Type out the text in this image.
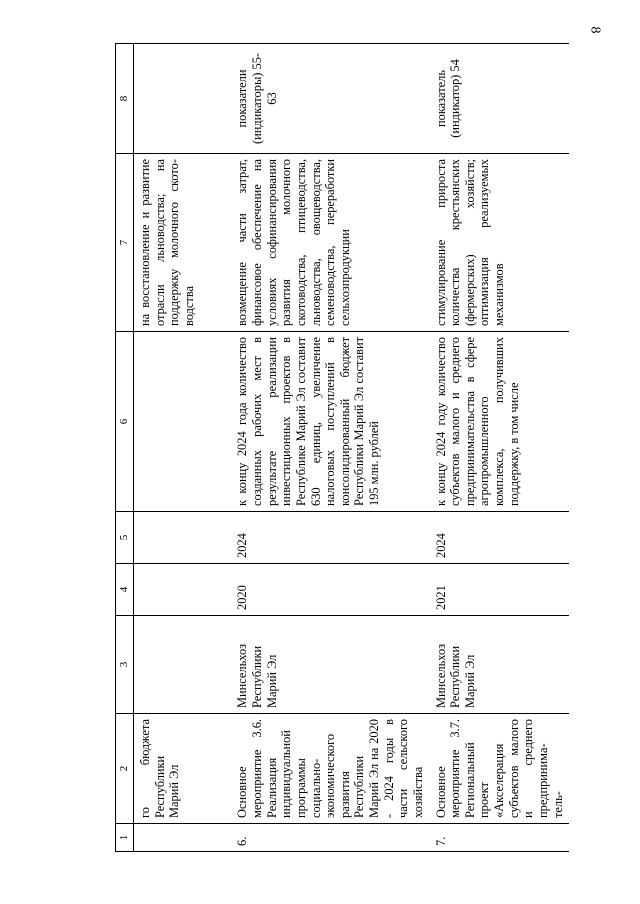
8
1	2	3	4	5	6	7	8
	го бюджета Республики Марий Эл					на восстановление и развитие отрасли льноводства; на поддержку молочного ското-водства	
6.	Основное мероприятие 3.6. Реализация индивидуальной программы социально-экономического развития Республики Марий Эл на 2020 - 2024 годы в части сельского хозяйства	Минсельхоз Республики Марий Эл	2020	2024	к концу 2024 года количество созданных рабочих мест в результате реализации инвестиционных проектов в Республике Марий Эл составит 630 единиц, увеличение налоговых поступлений в консолидированный бюджет Республики Марий Эл составит 195 млн. рублей	возмещение части затрат, финансовое обеспечение на условиях софинансирования развития молочного скотоводства, птицеводства, льноводства, овощеводства, семеноводства, переработки сельхозпродукции	показатели (индикаторы) 55-63
7.	Основное мероприятие 3.7. Региональный проект «Акселерация субъектов малого и среднего предпринима-тель-	Минсельхоз Республики Марий Эл	2021	2024	к концу 2024 году количество субъектов малого и среднего предпринимательства в сфере агропромышленного комплекса, получивших поддержку, в том числе	стимулирование прироста количества крестьянских (фермерских) хозяйств; оптимизация реализуемых механизмов	показатель (индикатор) 54
